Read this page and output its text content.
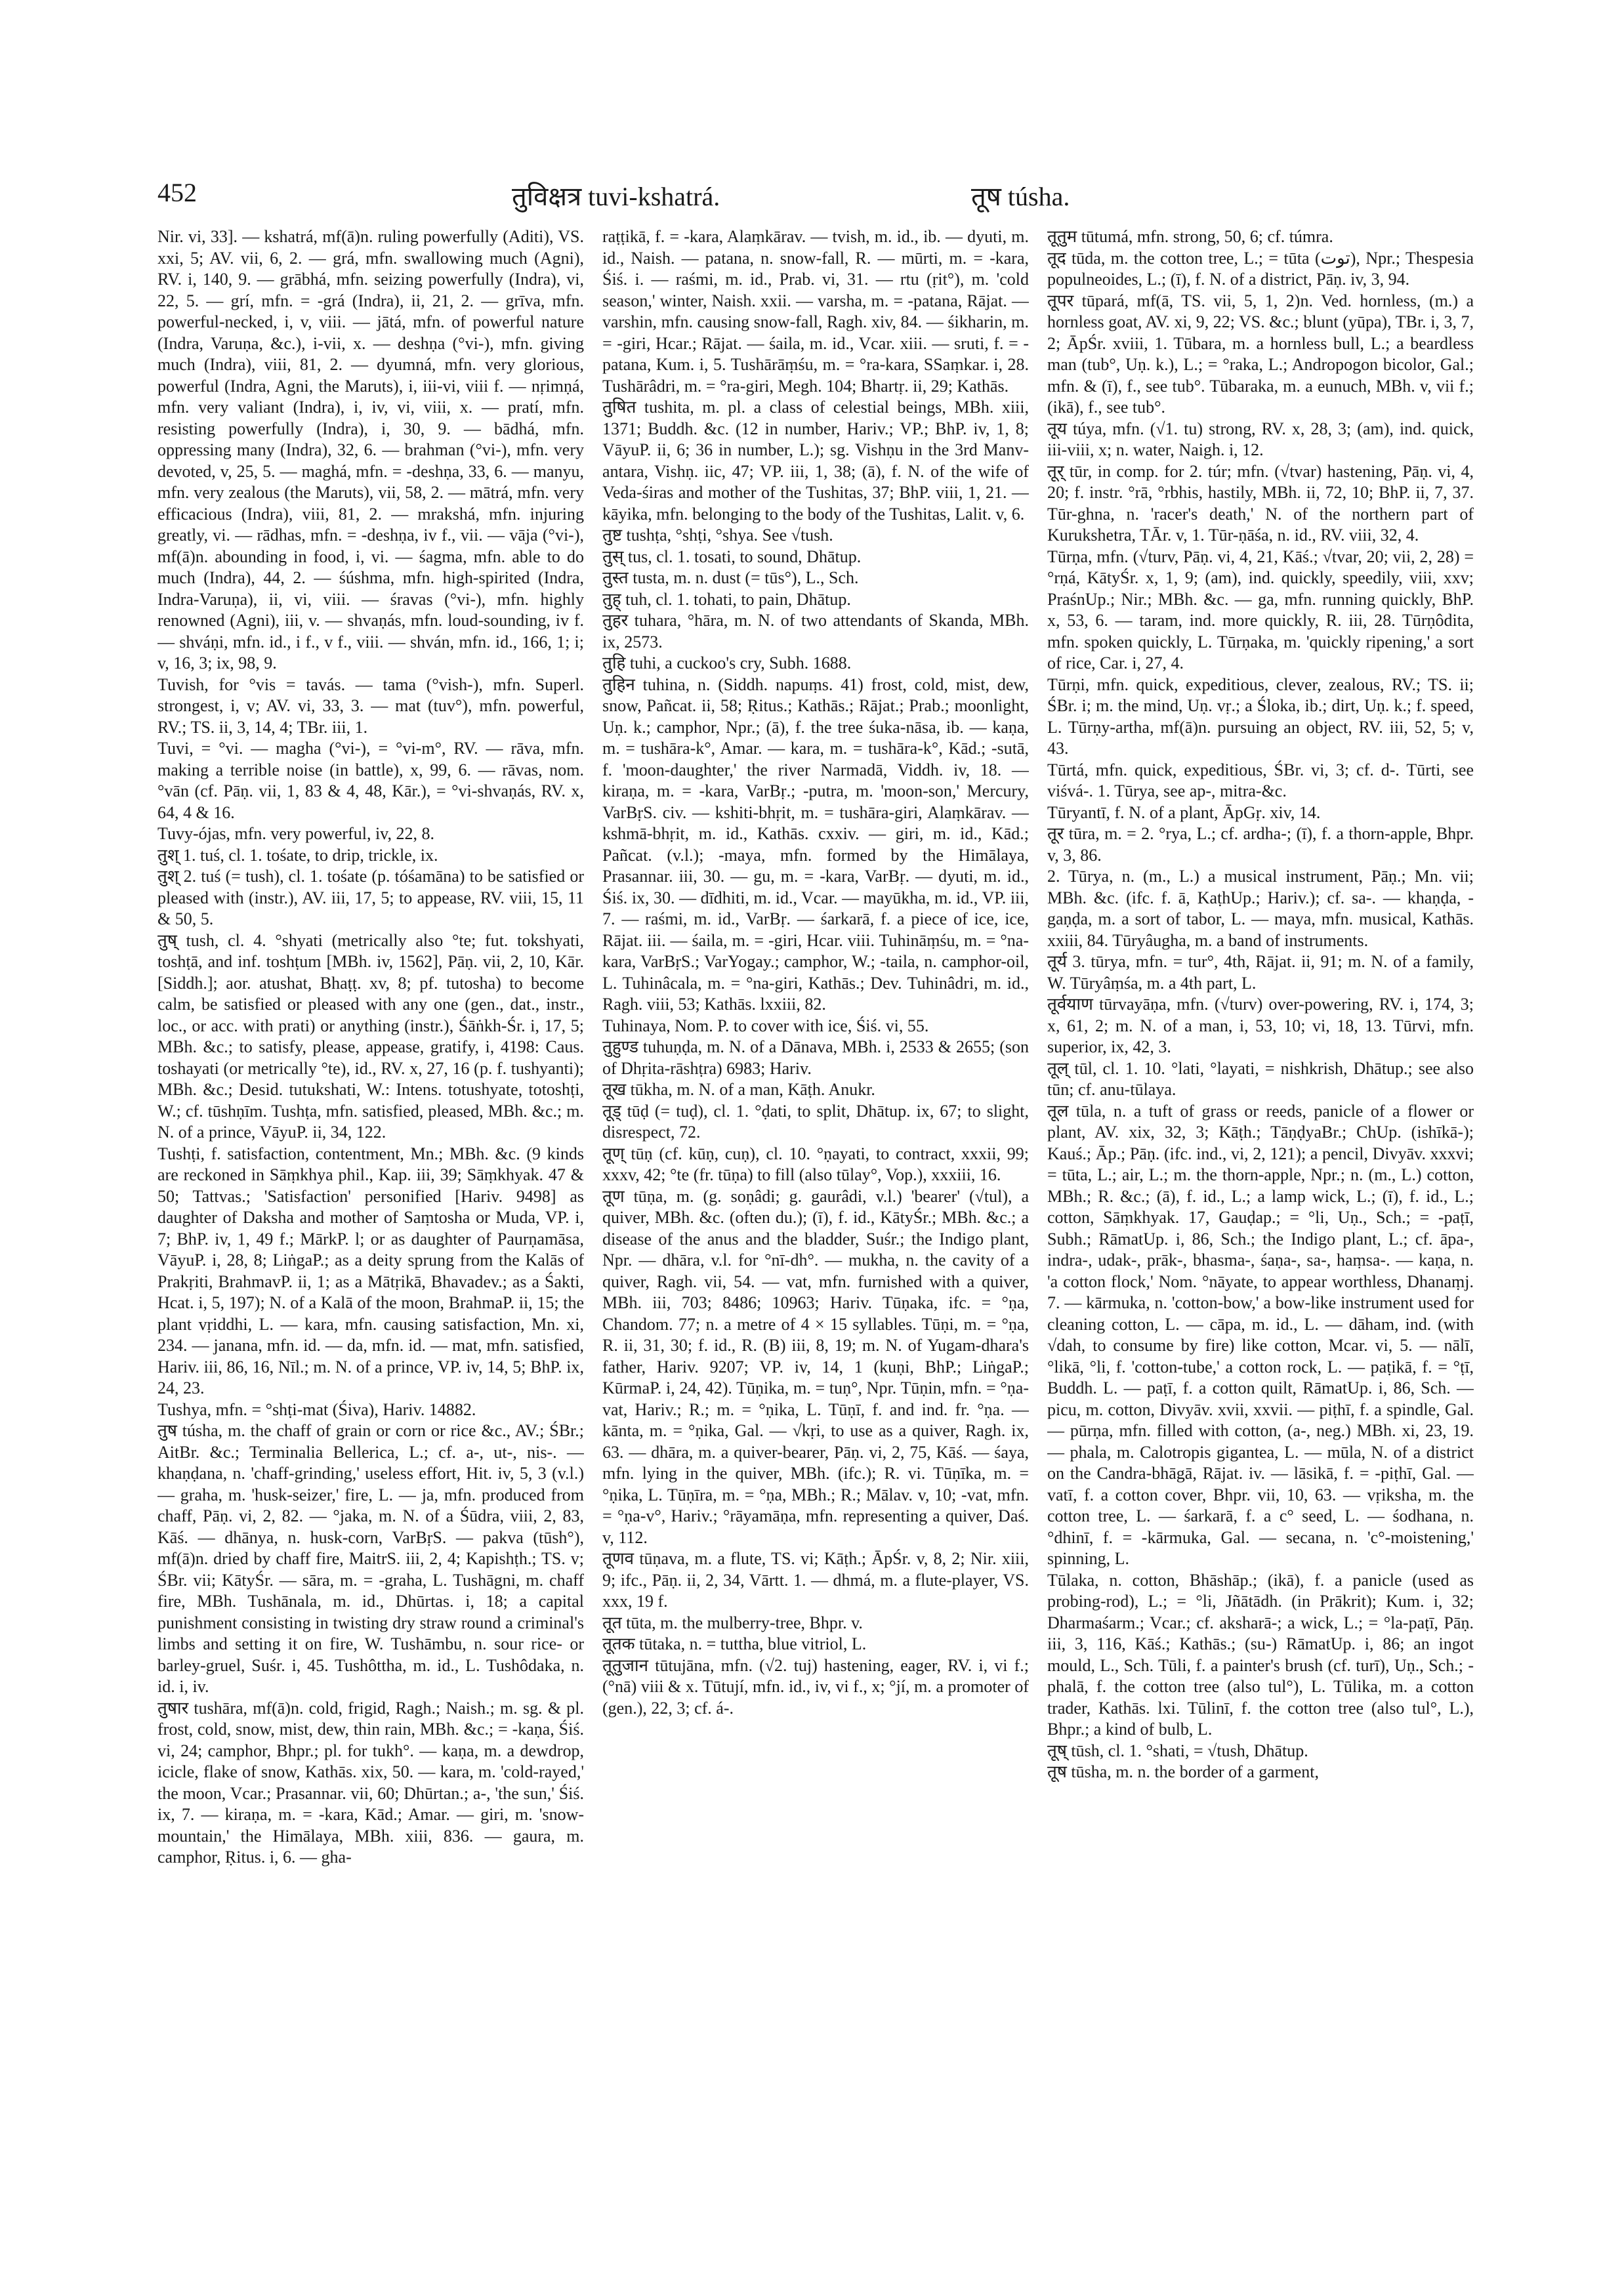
452	तुविक्षत्र tuvi-kshatrá.	तूष túsha.

Nir. vi, 33]. — kshatrá, mf(ā)n. ruling powerfully (Aditi), VS. xxi, 5; AV. vii, 6, 2. — grá, mfn. swallowing much (Agni), RV. i, 140, 9. — grābhá, mfn. seizing powerfully (Indra), vi, 22, 5. — grí, mfn. = -grá (Indra), ii, 21, 2. — grīva, mfn. powerful-necked, i, v, viii. — jātá, mfn. of powerful nature (Indra, Varuṇa, &c.), i-vii, x. — deshṇa (°vi-), mfn. giving much (Indra), viii, 81, 2. — dyumná, mfn. very glorious, powerful (Indra, Agni, the Maruts), i, iii-vi, viii f. — nṛimṇá, mfn. very valiant (Indra), i, iv, vi, viii, x. — pratí, mfn. resisting powerfully (Indra), i, 30, 9. — bādhá, mfn. oppressing many (Indra), 32, 6. — brahman (°vi-), mfn. very devoted, v, 25, 5. — maghá, mfn. = -deshṇa, 33, 6. — manyu, mfn. very zealous (the Maruts), vii, 58, 2. — mātrá, mfn. very efficacious (Indra), viii, 81, 2. — mrakshá, mfn. injuring greatly, vi. — rādhas, mfn. = -deshṇa, iv f., vii. — vāja (°vi-), mf(ā)n. abounding in food, i, vi. — śagma, mfn. able to do much (Indra), 44, 2. — śúshma, mfn. high-spirited (Indra, Indra-Varuṇa), ii, vi, viii. — śravas (°vi-), mfn. highly renowned (Agni), iii, v. — shvaṇás, mfn. loud-sounding, iv f. — shváṇi, mfn. id., i f., v f., viii. — shván, mfn. id., 166, 1; i; v, 16, 3; ix, 98, 9.

Tuvish, for °vis = tavás. — tama (°vish-), mfn. Superl. strongest, i, v; AV. vi, 33, 3. — mat (tuv°), mfn. powerful, RV.; TS. ii, 3, 14, 4; TBr. iii, 1.

Tuvi, = °vi. — magha (°vi-), = °vi-m°, RV. — rāva, mfn. making a terrible noise (in battle), x, 99, 6. — rāvas, nom. °vān (cf. Pāṇ. vii, 1, 83 & 4, 48, Kār.), = °vi-shvaṇás, RV. x, 64, 4 & 16.

Tuvy-ójas, mfn. very powerful, iv, 22, 8.

तुश् 1. tuś, cl. 1. tośate, to drip, trickle, ix.

तुश् 2. tuś (= tush), cl. 1. tośate (p. tóśamāna) to be satisfied or pleased with (instr.), AV. iii, 17, 5; to appease, RV. viii, 15, 11 & 50, 5.

तुष् tush, cl. 4. °shyati (metrically also °te; fut. tokshyati, toshṭā, and inf. toshṭum [MBh. iv, 1562], Pāṇ. vii, 2, 10, Kār. [Siddh.]; aor. atushat, Bhaṭṭ. xv, 8; pf. tutosha) to become calm, be satisfied or pleased with any one (gen., dat., instr., loc., or acc. with prati) or anything (instr.), Śāṅkh-Śr. i, 17, 5; MBh. &c.; to satisfy, please, appease, gratify, i, 4198: Caus. toshayati (or metrically °te), id., RV. x, 27, 16 (p. f. tushyanti); MBh. &c.; Desid. tutukshati, W.: Intens. totushyate, totoshṭi, W.; cf. tūshṇīm. Tushṭa, mfn. satisfied, pleased, MBh. &c.; m. N. of a prince, VāyuP. ii, 34, 122.

Tushṭi, f. satisfaction, contentment, Mn.; MBh. &c. (9 kinds are reckoned in Sāṃkhya phil., Kap. iii, 39; Sāṃkhyak. 47 & 50; Tattvas.; 'Satisfaction' personified [Hariv. 9498] as daughter of Daksha and mother of Saṃtosha or Muda, VP. i, 7; BhP. iv, 1, 49 f.; MārkP. l; or as daughter of Paurṇamāsa, VāyuP. i, 28, 8; LiṅgaP.; as a deity sprung from the Kalās of Prakṛiti, BrahmavP. ii, 1; as a Mātṛikā, Bhavadev.; as a Śakti, Hcat. i, 5, 197); N. of a Kalā of the moon, BrahmaP. ii, 15; the plant vṛiddhi, L. — kara, mfn. causing satisfaction, Mn. xi, 234. — janana, mfn. id. — da, mfn. id. — mat, mfn. satisfied, Hariv. iii, 86, 16, Nīl.; m. N. of a prince, VP. iv, 14, 5; BhP. ix, 24, 23.

Tushya, mfn. = °shṭi-mat (Śiva), Hariv. 14882.

तुष túsha, m. the chaff of grain or corn or rice &c., AV.; ŚBr.; AitBr. &c.; Terminalia Bellerica, L.; cf. a-, ut-, nis-. — khaṇḍana, n. 'chaff-grinding,' useless effort, Hit. iv, 5, 3 (v.l.) — graha, m. 'husk-seizer,' fire, L. — ja, mfn. produced from chaff, Pāṇ. vi, 2, 82. — °jaka, m. N. of a Śūdra, viii, 2, 83, Kāś. — dhānya, n. husk-corn, VarBṛS. — pakva (tūsh°), mf(ā)n. dried by chaff fire, MaitrS. iii, 2, 4; Kapishṭh.; TS. v; ŚBr. vii; KātyŚr. — sāra, m. = -graha, L. Tushāgni, m. chaff fire, MBh. Tushānala, m. id., Dhūrtas. i, 18; a capital punishment consisting in twisting dry straw round a criminal's limbs and setting it on fire, W. Tushāmbu, n. sour rice- or barley-gruel, Suśr. i, 45. Tushôttha, m. id., L. Tushôdaka, n. id. i, iv.

तुषार tushāra, mf(ā)n. cold, frigid, Ragh.; Naish.; m. sg. & pl. frost, cold, snow, mist, dew, thin rain, MBh. &c.; = -kaṇa, Śiś. vi, 24; camphor, Bhpr.; pl. for tukh°. — kaṇa, m. a dewdrop, icicle, flake of snow, Kathās. xix, 50. — kara, m. 'cold-rayed,' the moon, Vcar.; Prasannar. vii, 60; Dhūrtan.; a-, 'the sun,' Śiś. ix, 7. — kiraṇa, m. = -kara, Kād.; Amar. — giri, m. 'snow-mountain,' the Himālaya, MBh. xiii, 836. — gaura, m. camphor, Ṛitus. i, 6. — gha-

raṭṭikā, f. = -kara, Alaṃkārav. — tvish, m. id., ib. — dyuti, m. id., Naish. — patana, n. snow-fall, R. — mūrti, m. = -kara, Śiś. i. — raśmi, m. id., Prab. vi, 31. — rtu (ṛit°), m. 'cold season,' winter, Naish. xxii. — varsha, m. = -patana, Rājat. — varshin, mfn. causing snow-fall, Ragh. xiv, 84. — śikharin, m. = -giri, Hcar.; Rājat. — śaila, m. id., Vcar. xiii. — sruti, f. = -patana, Kum. i, 5. Tushārāṃśu, m. = °ra-kara, SSaṃkar. i, 28. Tushārâdri, m. = °ra-giri, Megh. 104; Bhartṛ. ii, 29; Kathās.

तुषित tushita, m. pl. a class of celestial beings, MBh. xiii, 1371; Buddh. &c. (12 in number, Hariv.; VP.; BhP. iv, 1, 8; VāyuP. ii, 6; 36 in number, L.); sg. Vishṇu in the 3rd Manv-antara, Vishṇ. iic, 47; VP. iii, 1, 38; (ā), f. N. of the wife of Veda-śiras and mother of the Tushitas, 37; BhP. viii, 1, 21. — kāyika, mfn. belonging to the body of the Tushitas, Lalit. v, 6.

तुष्ट tushṭa, °shṭi, °shya. See √tush.

तुस् tus, cl. 1. tosati, to sound, Dhātup.

तुस्त tusta, m. n. dust (= tūs°), L., Sch.

तुह् tuh, cl. 1. tohati, to pain, Dhātup.

तुहर tuhara, °hāra, m. N. of two attendants of Skanda, MBh. ix, 2573.

तुहि tuhi, a cuckoo's cry, Subh. 1688.

तुहिन tuhina, n. (Siddh. napuṃs. 41) frost, cold, mist, dew, snow, Pañcat. ii, 58; Ṛitus.; Kathās.; Rājat.; Prab.; moonlight, Uṇ. k.; camphor, Npr.; (ā), f. the tree śuka-nāsa, ib. — kaṇa, m. = tushāra-k°, Amar. — kara, m. = tushāra-k°, Kād.; -sutā, f. 'moon-daughter,' the river Narmadā, Viddh. iv, 18. — kiraṇa, m. = -kara, VarBṛ.; -putra, m. 'moon-son,' Mercury, VarBṛS. civ. — kshiti-bhṛit, m. = tushāra-giri, Alaṃkārav. — kshmā-bhṛit, m. id., Kathās. cxxiv. — giri, m. id., Kād.; Pañcat. (v.l.); -maya, mfn. formed by the Himālaya, Prasannar. iii, 30. — gu, m. = -kara, VarBṛ. — dyuti, m. id., Śiś. ix, 30. — dīdhiti, m. id., Vcar. — mayūkha, m. id., VP. iii, 7. — raśmi, m. id., VarBṛ. — śarkarā, f. a piece of ice, ice, Rājat. iii. — śaila, m. = -giri, Hcar. viii. Tuhināṃśu, m. = °na-kara, VarBṛS.; VarYogay.; camphor, W.; -taila, n. camphor-oil, L. Tuhinâcala, m. = °na-giri, Kathās.; Dev. Tuhinâdri, m. id., Ragh. viii, 53; Kathās. lxxiii, 82.

Tuhinaya, Nom. P. to cover with ice, Śiś. vi, 55.

तुहुण्ड tuhuṇḍa, m. N. of a Dānava, MBh. i, 2533 & 2655; (son of Dhṛita-rāshṭra) 6983; Hariv.

तूख tūkha, m. N. of a man, Kāṭh. Anukr.

तूड् tūḍ (= tuḍ), cl. 1. °ḍati, to split, Dhātup. ix, 67; to slight, disrespect, 72.

तूण् tūṇ (cf. kūṇ, cuṇ), cl. 10. °ṇayati, to contract, xxxii, 99; xxxv, 42; °te (fr. tūṇa) to fill (also tūlay°, Vop.), xxxiii, 16.

तूण tūṇa, m. (g. soṇâdi; g. gaurâdi, v.l.) 'bearer' (√tul), a quiver, MBh. &c. (often du.); (ī), f. id., KātyŚr.; MBh. &c.; a disease of the anus and the bladder, Suśr.; the Indigo plant, Npr. — dhāra, v.l. for °nī-dh°. — mukha, n. the cavity of a quiver, Ragh. vii, 54. — vat, mfn. furnished with a quiver, MBh. iii, 703; 8486; 10963; Hariv. Tūṇaka, ifc. = °ṇa, Chandom. 77; n. a metre of 4 × 15 syllables. Tūṇi, m. = °ṇa, R. ii, 31, 30; f. id., R. (B) iii, 8, 19; m. N. of Yugam-dhara's father, Hariv. 9207; VP. iv, 14, 1 (kuṇi, BhP.; LiṅgaP.; KūrmaP. i, 24, 42). Tūṇika, m. = tuṇ°, Npr. Tūṇin, mfn. = °ṇa-vat, Hariv.; R.; m. = °ṇika, L. Tūṇī, f. and ind. fr. °ṇa. — kānta, m. = °ṇika, Gal. — √kṛi, to use as a quiver, Ragh. ix, 63. — dhāra, m. a quiver-bearer, Pāṇ. vi, 2, 75, Kāś. — śaya, mfn. lying in the quiver, MBh. (ifc.); R. vi. Tūṇīka, m. = °ṇika, L. Tūṇīra, m. = °ṇa, MBh.; R.; Mālav. v, 10; -vat, mfn. = °ṇa-v°, Hariv.; °rāyamāṇa, mfn. representing a quiver, Daś. v, 112.

तूणव tūṇava, m. a flute, TS. vi; Kāṭh.; ĀpŚr. v, 8, 2; Nir. xiii, 9; ifc., Pāṇ. ii, 2, 34, Vārtt. 1. — dhmá, m. a flute-player, VS. xxx, 19 f.

तूत tūta, m. the mulberry-tree, Bhpr. v.

तूतक tūtaka, n. = tuttha, blue vitriol, L.

तूतुजान tūtujāna, mfn. (√2. tuj) hastening, eager, RV. i, vi f.; (°nā) viii & x. Tūtují, mfn. id., iv, vi f., x; °jí, m. a promoter of (gen.), 22, 3; cf. á-.

तूतुम tūtumá, mfn. strong, 50, 6; cf. túmra.

तूद tūda, m. the cotton tree, L.; = tūta (توت), Npr.; Thespesia populneoides, L.; (ī), f. N. of a district, Pāṇ. iv, 3, 94.

तूपर tūpará, mf(ā, TS. vii, 5, 1, 2)n. Ved. hornless, (m.) a hornless goat, AV. xi, 9, 22; VS. &c.; blunt (yūpa), TBr. i, 3, 7, 2; ĀpŚr. xviii, 1. Tūbara, m. a hornless bull, L.; a beardless man (tub°, Uṇ. k.), L.; = °raka, L.; Andropogon bicolor, Gal.; mfn. & (ī), f., see tub°. Tūbaraka, m. a eunuch, MBh. v, vii f.; (ikā), f., see tub°.

तूय túya, mfn. (√1. tu) strong, RV. x, 28, 3; (am), ind. quick, iii-viii, x; n. water, Naigh. i, 12.

तूर् tūr, in comp. for 2. túr; mfn. (√tvar) hastening, Pāṇ. vi, 4, 20; f. instr. °rā, °rbhis, hastily, MBh. ii, 72, 10; BhP. ii, 7, 37. Tūr-ghna, n. 'racer's death,' N. of the northern part of Kurukshetra, TĀr. v, 1. Tūr-ṇāśa, n. id., RV. viii, 32, 4.

Tūrṇa, mfn. (√turv, Pāṇ. vi, 4, 21, Kāś.; √tvar, 20; vii, 2, 28) = °rṇá, KātyŚr. x, 1, 9; (am), ind. quickly, speedily, viii, xxv; PraśnUp.; Nir.; MBh. &c. — ga, mfn. running quickly, BhP. x, 53, 6. — taram, ind. more quickly, R. iii, 28. Tūrṇôdita, mfn. spoken quickly, L. Tūrṇaka, m. 'quickly ripening,' a sort of rice, Car. i, 27, 4.

Tūrṇi, mfn. quick, expeditious, clever, zealous, RV.; TS. ii; ŚBr. i; m. the mind, Uṇ. vṛ.; a Śloka, ib.; dirt, Uṇ. k.; f. speed, L. Tūrṇy-artha, mf(ā)n. pursuing an object, RV. iii, 52, 5; v, 43.

Tūrtá, mfn. quick, expeditious, ŚBr. vi, 3; cf. d-. Tūrti, see viśvá-. 1. Tūrya, see ap-, mitra-&c.

Tūryantī, f. N. of a plant, ĀpGṛ. xiv, 14.

तूर tūra, m. = 2. °rya, L.; cf. ardha-; (ī), f. a thorn-apple, Bhpr. v, 3, 86.

2. Tūrya, n. (m., L.) a musical instrument, Pāṇ.; Mn. vii; MBh. &c. (ifc. f. ā, KaṭhUp.; Hariv.); cf. sa-. — khaṇḍa, -gaṇḍa, m. a sort of tabor, L. — maya, mfn. musical, Kathās. xxiii, 84. Tūryâugha, m. a band of instruments.

तूर्य 3. tūrya, mfn. = tur°, 4th, Rājat. ii, 91; m. N. of a family, W. Tūryâṃśa, m. a 4th part, L.

तूर्वयाण tūrvayāṇa, mfn. (√turv) over-powering, RV. i, 174, 3; x, 61, 2; m. N. of a man, i, 53, 10; vi, 18, 13. Tūrvi, mfn. superior, ix, 42, 3.

तूल् tūl, cl. 1. 10. °lati, °layati, = nishkrish, Dhātup.; see also tūn; cf. anu-tūlaya.

तूल tūla, n. a tuft of grass or reeds, panicle of a flower or plant, AV. xix, 32, 3; Kāṭh.; TāṇḍyaBr.; ChUp. (ishīkā-); Kauś.; Āp.; Pāṇ. (ifc. ind., vi, 2, 121); a pencil, Divyāv. xxxvi; = tūta, L.; air, L.; m. the thorn-apple, Npr.; n. (m., L.) cotton, MBh.; R. &c.; (ā), f. id., L.; a lamp wick, L.; (ī), f. id., L.; cotton, Sāṃkhyak. 17, Gauḍap.; = °li, Uṇ., Sch.; = -paṭī, Subh.; RāmatUp. i, 86, Sch.; the Indigo plant, L.; cf. āpa-, indra-, udak-, prāk-, bhasma-, śaṇa-, sa-, haṃsa-. — kaṇa, n. 'a cotton flock,' Nom. °nāyate, to appear worthless, Dhanaṃj. 7. — kārmuka, n. 'cotton-bow,' a bow-like instrument used for cleaning cotton, L. — cāpa, m. id., L. — dāham, ind. (with √dah, to consume by fire) like cotton, Mcar. vi, 5. — nālī, °likā, °li, f. 'cotton-tube,' a cotton rock, L. — paṭikā, f. = °ṭī, Buddh. L. — paṭī, f. a cotton quilt, RāmatUp. i, 86, Sch. — picu, m. cotton, Divyāv. xvii, xxvii. — piṭhī, f. a spindle, Gal. — pūrṇa, mfn. filled with cotton, (a-, neg.) MBh. xi, 23, 19. — phala, m. Calotropis gigantea, L. — mūla, N. of a district on the Candra-bhāgā, Rājat. iv. — lāsikā, f. = -piṭhī, Gal. — vatī, f. a cotton cover, Bhpr. vii, 10, 63. — vṛiksha, m. the cotton tree, L. — śarkarā, f. a c° seed, L. — śodhana, n. °dhinī, f. = -kārmuka, Gal. — secana, n. 'c°-moistening,' spinning, L.

Tūlaka, n. cotton, Bhāshāp.; (ikā), f. a panicle (used as probing-rod), L.; = °li, Jñātādh. (in Prākrit); Kum. i, 32; Dharmaśarm.; Vcar.; cf. aksharā-; a wick, L.; = °la-paṭī, Pāṇ. iii, 3, 116, Kāś.; Kathās.; (su-) RāmatUp. i, 86; an ingot mould, L., Sch. Tūli, f. a painter's brush (cf. turī), Uṇ., Sch.; -phalā, f. the cotton tree (also tul°), L. Tūlika, m. a cotton trader, Kathās. lxi. Tūlinī, f. the cotton tree (also tul°, L.), Bhpr.; a kind of bulb, L.

तूष् tūsh, cl. 1. °shati, = √tush, Dhātup.

तूष tūsha, m. n. the border of a garment,
